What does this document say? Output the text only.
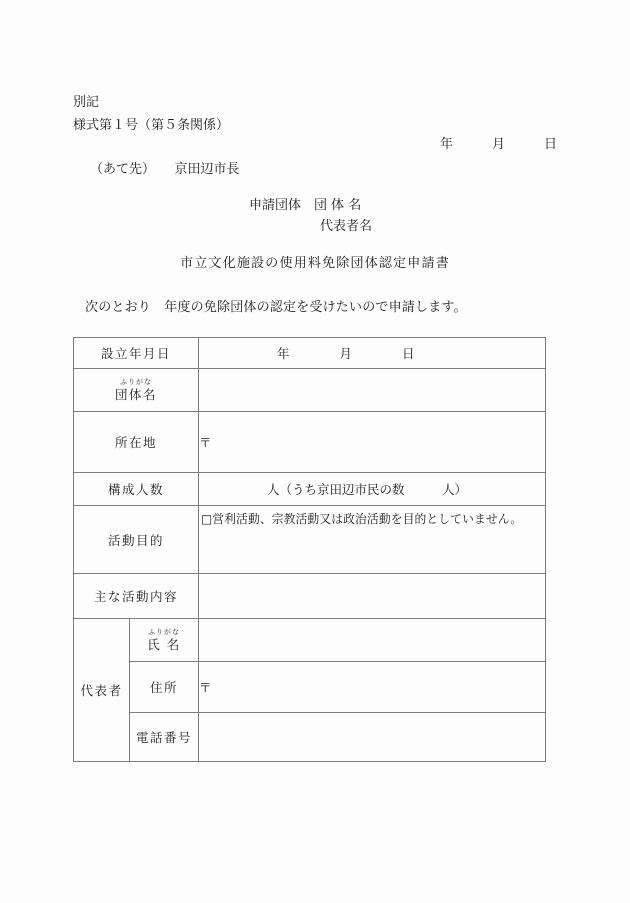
別記
様式第１号（第５条関係）
年　　　月　　　日
（あて先）　　京田辺市長
申請団体　団 体 名
代表者名
市立文化施設の使用料免除団体認定申請書
次のとおり　年度の免除団体の認定を受けたいので申請します。
設立年月日		年　　　　月　　　　日

ふりがな
団体名		

所在地		〒
構成人数		人（うち京田辺市民の数　　　人）

活動目的		□営利活動、宗教活動又は政治活動を目的としていません。

主な活動内容		
代表者	ふりがな
氏 名	

	住所	〒
	電話番号	
